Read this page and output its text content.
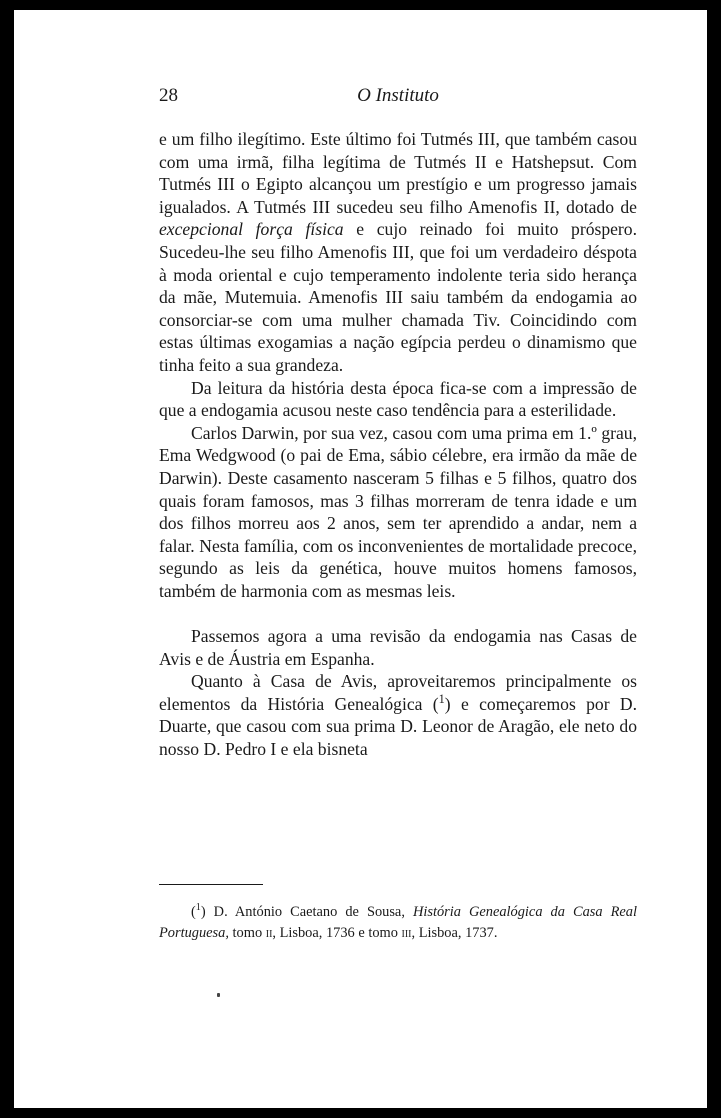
28	O Instituto

e um filho ilegítimo. Este último foi Tutmés III, que também casou com uma irmã, filha legítima de Tutmés II e Hatshepsut. Com Tutmés III o Egipto alcançou um prestígio e um progresso jamais igualados. A Tutmés III sucedeu seu filho Amenofis II, dotado de excepcional força física e cujo reinado foi muito próspero. Sucedeu-lhe seu filho Amenofis III, que foi um verdadeiro déspota à moda oriental e cujo temperamento indolente teria sido herança da mãe, Mutemuia. Amenofis III saiu também da endogamia ao consorciar-se com uma mulher chamada Tiv. Coincidindo com estas últimas exogamias a nação egípcia perdeu o dinamismo que tinha feito a sua grandeza.

Da leitura da história desta época fica-se com a impressão de que a endogamia acusou neste caso tendência para a esterilidade.

Carlos Darwin, por sua vez, casou com uma prima em 1.º grau, Ema Wedgwood (o pai de Ema, sábio célebre, era irmão da mãe de Darwin). Deste casamento nasceram 5 filhas e 5 filhos, quatro dos quais foram famosos, mas 3 filhas morreram de tenra idade e um dos filhos morreu aos 2 anos, sem ter aprendido a andar, nem a falar. Nesta família, com os inconvenientes de mortalidade precoce, segundo as leis da genética, houve muitos homens famosos, também de harmonia com as mesmas leis.

Passemos agora a uma revisão da endogamia nas Casas de Avis e de Áustria em Espanha.

Quanto à Casa de Avis, aproveitaremos principalmente os elementos da História Genealógica ($^1$) e começaremos por D. Duarte, que casou com sua prima D. Leonor de Aragão, ele neto do nosso D. Pedro I e ela bisneta

($^1$) D. António Caetano de Sousa, História Genealógica da Casa Real Portuguesa, tomo ii, Lisboa, 1736 e tomo iii, Lisboa, 1737.
